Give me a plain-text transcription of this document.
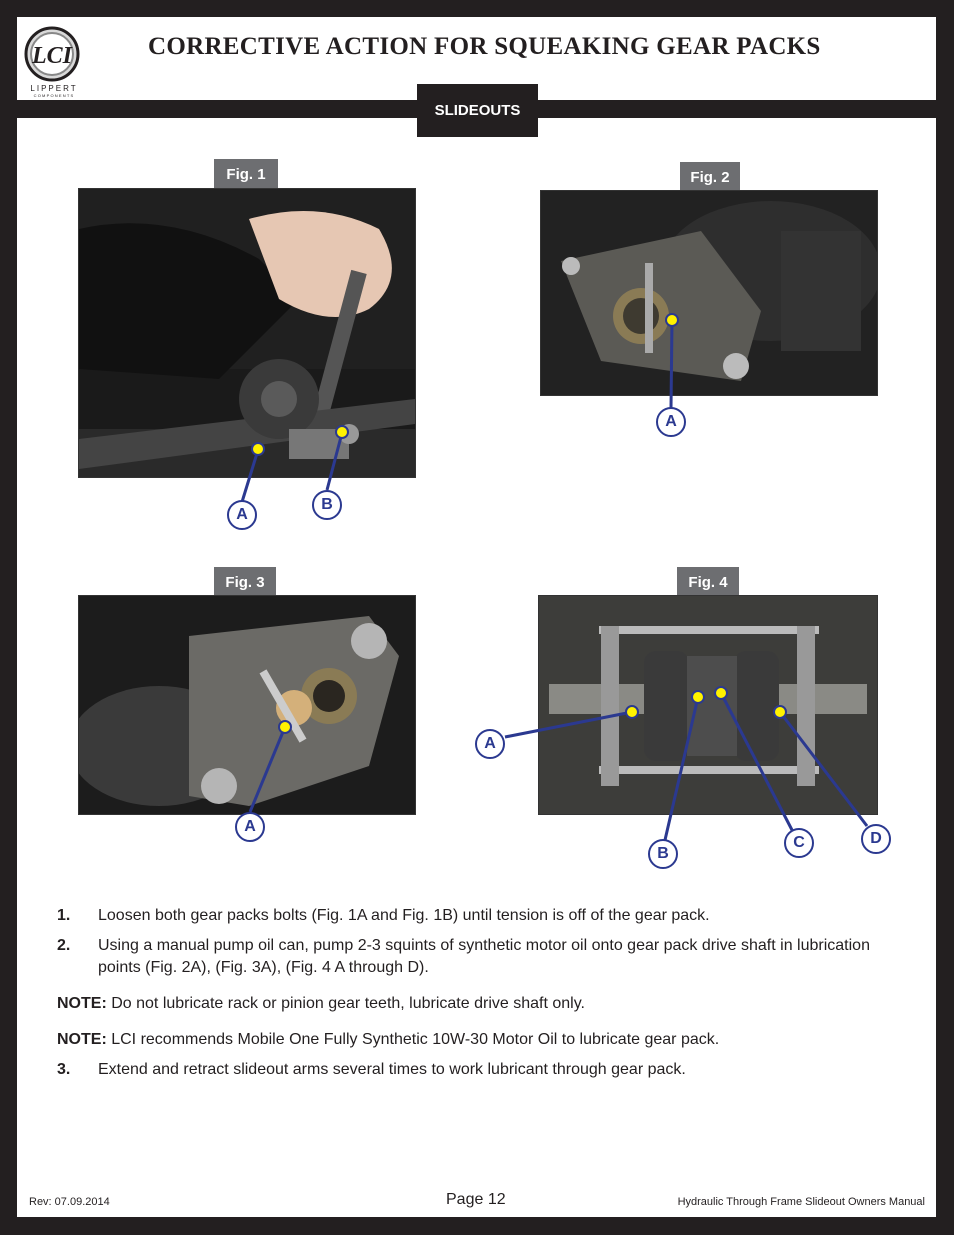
LCI
LIPPERT
COMPONENTS
CORRECTIVE ACTION FOR SQUEAKING GEAR PACKS
SLIDEOUTS
Fig. 1	Fig. 2
Fig. 3	Fig. 4
A
B
A
A
A
B
C	D
1.	Loosen both gear packs bolts (Fig. 1A and Fig. 1B) until tension is off of the gear pack.
2.	Using a manual pump oil can, pump 2-3 squints of synthetic motor oil onto gear pack drive shaft in lubrication points (Fig. 2A), (Fig. 3A), (Fig. 4 A through D).
NOTE: Do not lubricate rack or pinion gear teeth, lubricate drive shaft only.
NOTE: LCI recommends Mobile One Fully Synthetic 10W-30 Motor Oil to lubricate gear pack.
3.	Extend and retract slideout arms several times to work lubricant through gear pack.
Rev: 07.09.2014	Page 12	Hydraulic Through Frame Slideout Owners Manual
